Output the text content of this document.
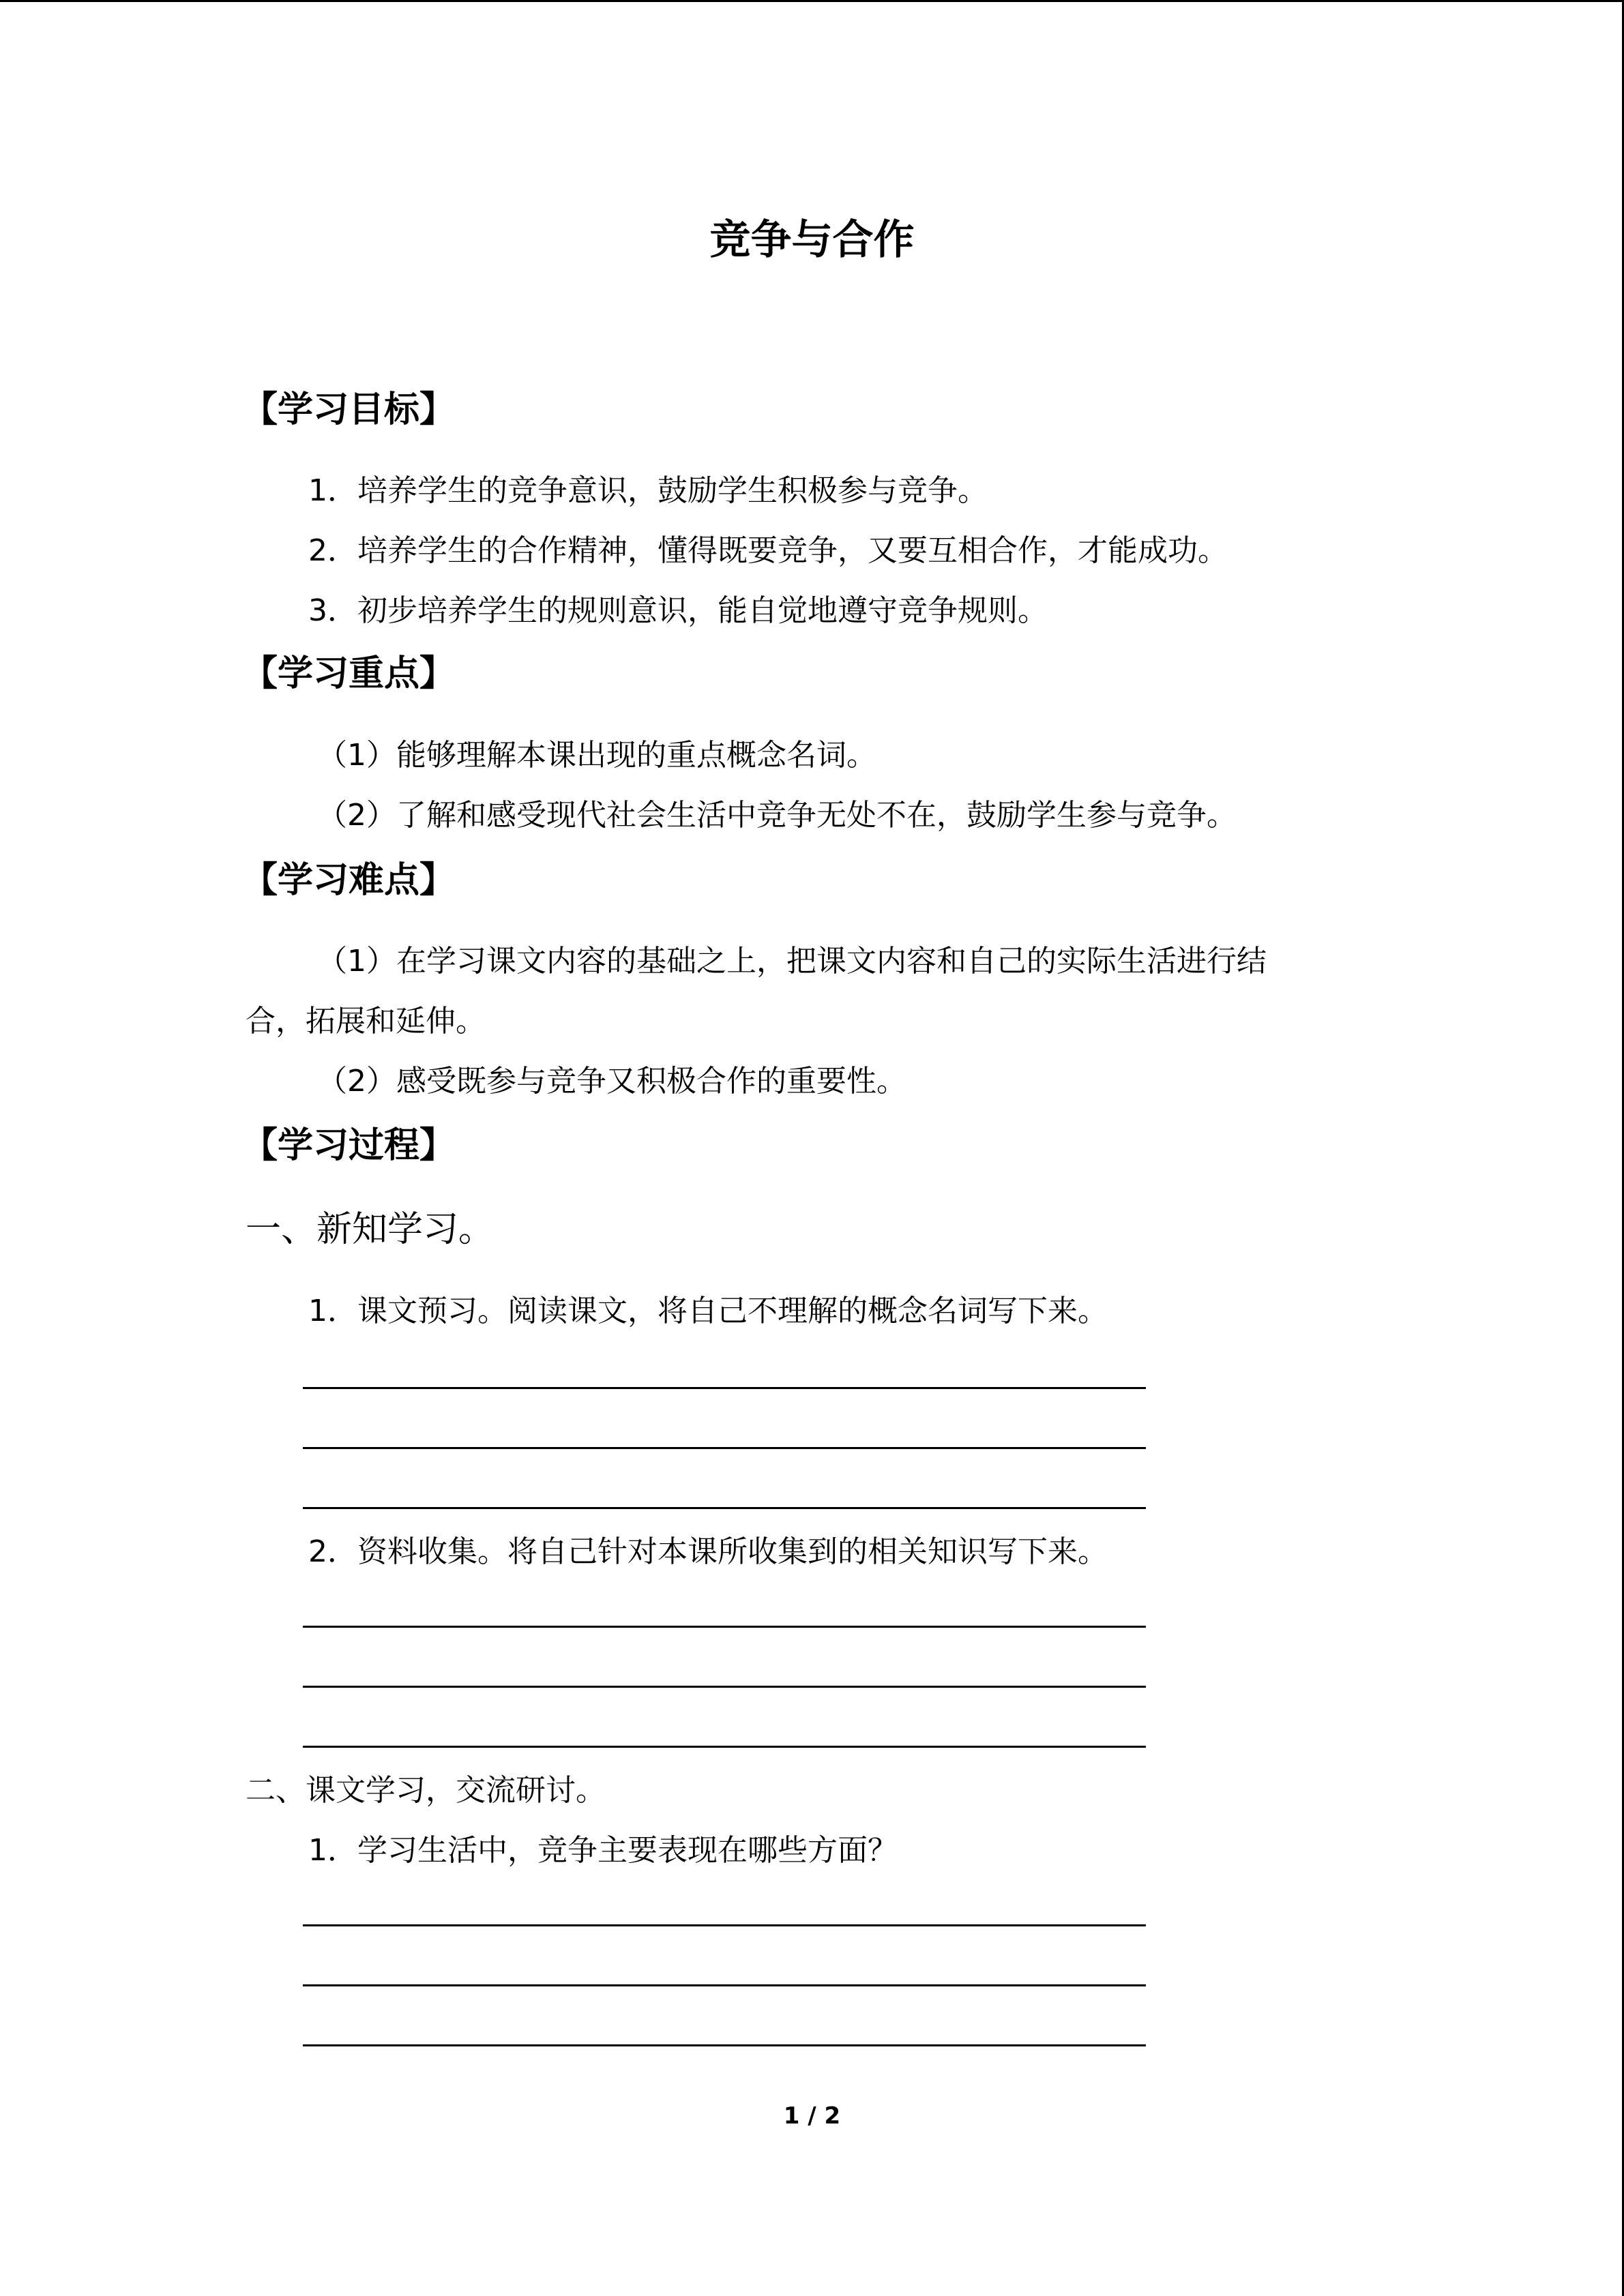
竞争与合作
【学习目标】
1．培养学生的竞争意识，鼓励学生积极参与竞争。
2．培养学生的合作精神，懂得既要竞争，又要互相合作，才能成功。
3．初步培养学生的规则意识，能自觉地遵守竞争规则。
【学习重点】
（1）能够理解本课出现的重点概念名词。
（2）了解和感受现代社会生活中竞争无处不在，鼓励学生参与竞争。
【学习难点】
（1）在学习课文内容的基础之上，把课文内容和自己的实际生活进行结
合，拓展和延伸。
（2）感受既参与竞争又积极合作的重要性。
【学习过程】
一、新知学习。
1．课文预习。阅读课文，将自己不理解的概念名词写下来。
2．资料收集。将自己针对本课所收集到的相关知识写下来。
二、课文学习，交流研讨。
1．学习生活中，竞争主要表现在哪些方面？
1 / 2
